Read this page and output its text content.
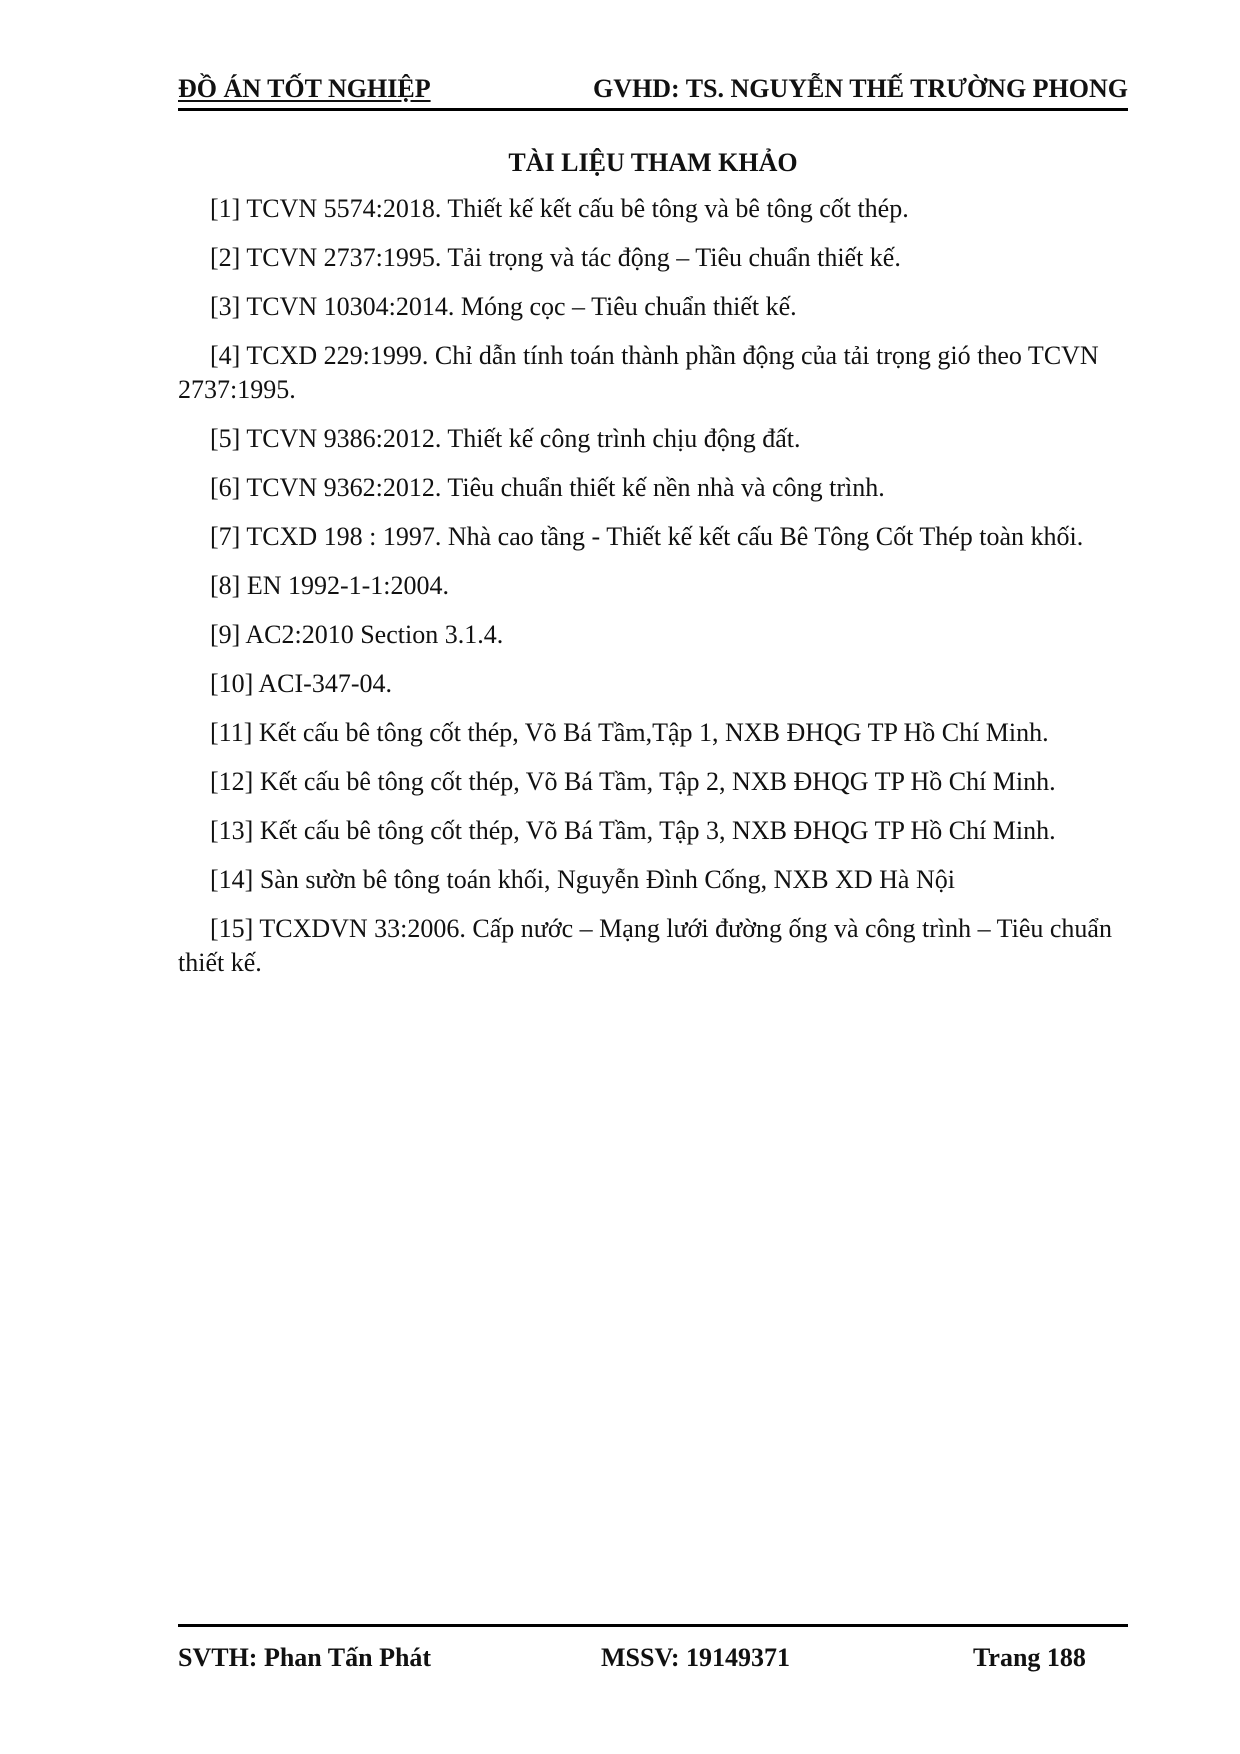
ĐỒ ÁN TỐT NGHIỆP	GVHD: TS. NGUYỄN THẾ TRƯỜNG PHONG
TÀI LIỆU THAM KHẢO

[1] TCVN 5574:2018. Thiết kế kết cấu bê tông và bê tông cốt thép.

[2] TCVN 2737:1995. Tải trọng và tác động – Tiêu chuẩn thiết kế.

[3] TCVN 10304:2014. Móng cọc – Tiêu chuẩn thiết kế.

[4] TCXD 229:1999. Chỉ dẫn tính toán thành phần động của tải trọng gió theo TCVN 2737:1995.

[5] TCVN 9386:2012. Thiết kế công trình chịu động đất.

[6] TCVN 9362:2012. Tiêu chuẩn thiết kế nền nhà và công trình.

[7] TCXD 198 : 1997. Nhà cao tầng - Thiết kế kết cấu Bê Tông Cốt Thép toàn khối.

[8] EN 1992-1-1:2004.

[9] AC2:2010 Section 3.1.4.

[10] ACI-347-04.

[11] Kết cấu bê tông cốt thép, Võ Bá Tầm,Tập 1, NXB ĐHQG TP Hồ Chí Minh.

[12] Kết cấu bê tông cốt thép, Võ Bá Tầm, Tập 2, NXB ĐHQG TP Hồ Chí Minh.

[13] Kết cấu bê tông cốt thép, Võ Bá Tầm, Tập 3, NXB ĐHQG TP Hồ Chí Minh.

[14] Sàn sườn bê tông toán khối, Nguyễn Đình Cống, NXB XD Hà Nội

[15] TCXDVN 33:2006. Cấp nước – Mạng lưới đường ống và công trình – Tiêu chuẩn thiết kế.

SVTH: Phan Tấn Phát	MSSV: 19149371	Trang 188
